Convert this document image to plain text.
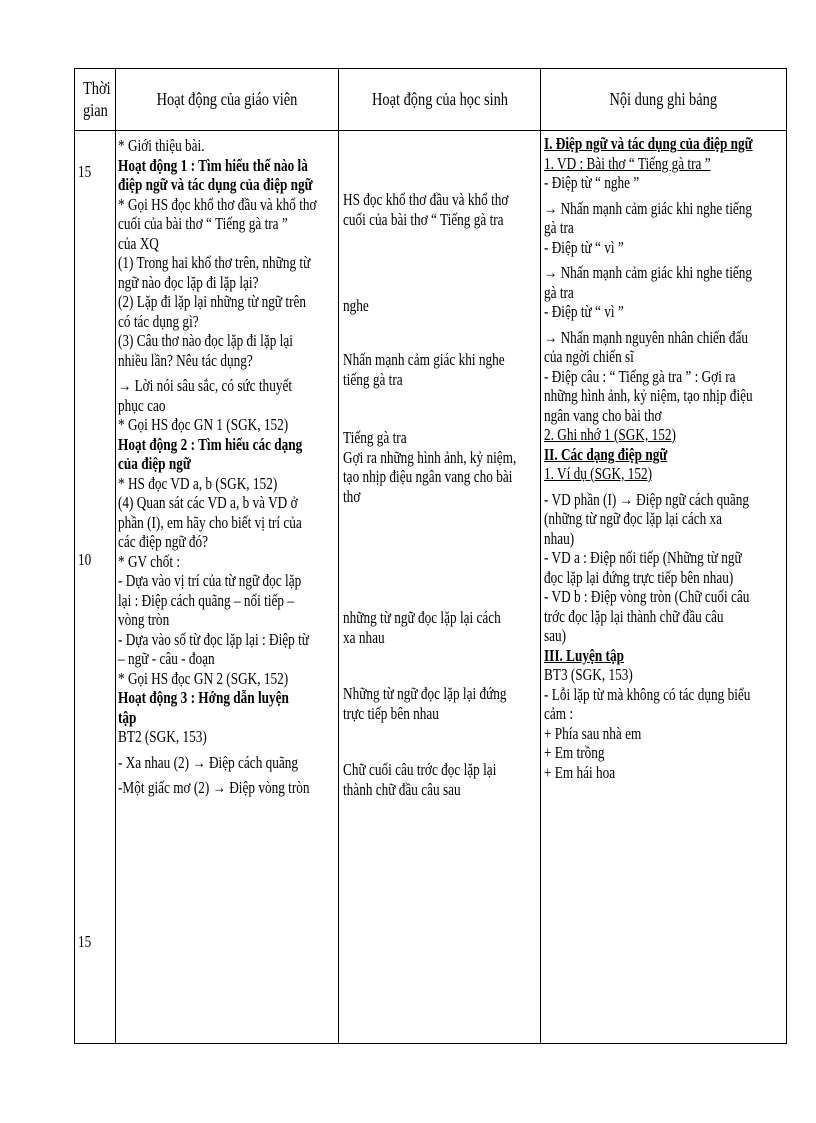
Thời gian
Hoạt động của giáo viên	Hoạt động của học sinh	Nội dung ghi bảng
15
10
15
* Giới thiệu bài.
Hoạt động 1 : Tìm hiểu thế nào là
điệp ngữ và tác dụng của điệp ngữ
* Gọi HS đọc khổ thơ đầu và khổ thơ
cuối của bài thơ “ Tiếng gà tra ”
của XQ
(1) Trong hai khổ thơ trên, những từ
ngữ nào đọc lặp đi lặp lại?
(2) Lặp đi lặp lại những từ ngữ trên
có tác dụng gì?
(3) Câu thơ nào đọc lặp đi lặp lại
nhiều lần? Nêu tác dụng?
→ Lời nói sâu sắc, có sức thuyết
phục cao
* Gọi HS đọc GN 1 (SGK, 152)
Hoạt động 2 : Tìm hiểu các dạng
của điệp ngữ
* HS đọc VD a, b (SGK, 152)
(4) Quan sát các VD a, b và VD ở
phần (I), em hãy cho biết vị trí của
các điệp ngữ đó?
* GV chốt :
- Dựa vào vị trí của từ ngữ đọc lặp
lại : Điệp cách quãng – nối tiếp –
vòng tròn
- Dựa vào số từ đọc lặp lại : Điệp từ
– ngữ - câu - đoạn
* Gọi HS đọc GN 2 (SGK, 152)
Hoạt động 3 : Hớng dẫn luyện
tập
BT2 (SGK, 153)
- Xa nhau (2) → Điệp cách quãng
-Một giấc mơ (2) → Điệp vòng tròn
HS đọc khổ thơ đầu và khổ thơ
cuối của bài thơ “ Tiếng gà tra
nghe
Nhấn mạnh cảm giác khi nghe
tiếng gà tra
Tiếng gà tra
Gợi ra những hình ảnh, kỷ niệm,
tạo nhịp điệu ngân vang cho bài
thơ
những từ ngữ đọc lặp lại cách
xa nhau
Những từ ngữ đọc lặp lại đứng
trực tiếp bên nhau
Chữ cuối câu trớc đọc lặp lại
thành chữ đầu câu sau
I. Điệp ngữ và tác dụng của điệp ngữ
1. VD : Bài thơ “ Tiếng gà tra ”
- Điệp từ “ nghe ”
→ Nhấn mạnh cảm giác khi nghe tiếng
gà tra
- Điệp từ “ vì ”
→ Nhấn mạnh cảm giác khi nghe tiếng
gà tra
- Điệp từ “ vì ”
→ Nhấn mạnh nguyên nhân chiến đấu
của ngời chiến sĩ
- Điệp câu : “ Tiếng gà tra ” : Gợi ra
những hình ảnh, kỷ niệm, tạo nhịp điệu
ngân vang cho bài thơ
2. Ghi nhớ 1 (SGK, 152)
II. Các dạng điệp ngữ
1. Ví dụ (SGK, 152)
- VD phần (I) → Điệp ngữ cách quãng
(những từ ngữ đọc lặp lại cách xa
nhau)
- VD a : Điệp nối tiếp (Những từ ngữ
đọc lặp lại đứng trực tiếp bên nhau)
- VD b : Điệp vòng tròn (Chữ cuối câu
trớc đọc lặp lại thành chữ đầu câu
sau)
III. Luyện tập
BT3 (SGK, 153)
- Lỗi lặp từ mà không có tác dụng biểu
cảm :
+ Phía sau nhà em
+ Em trồng
+ Em hái hoa
